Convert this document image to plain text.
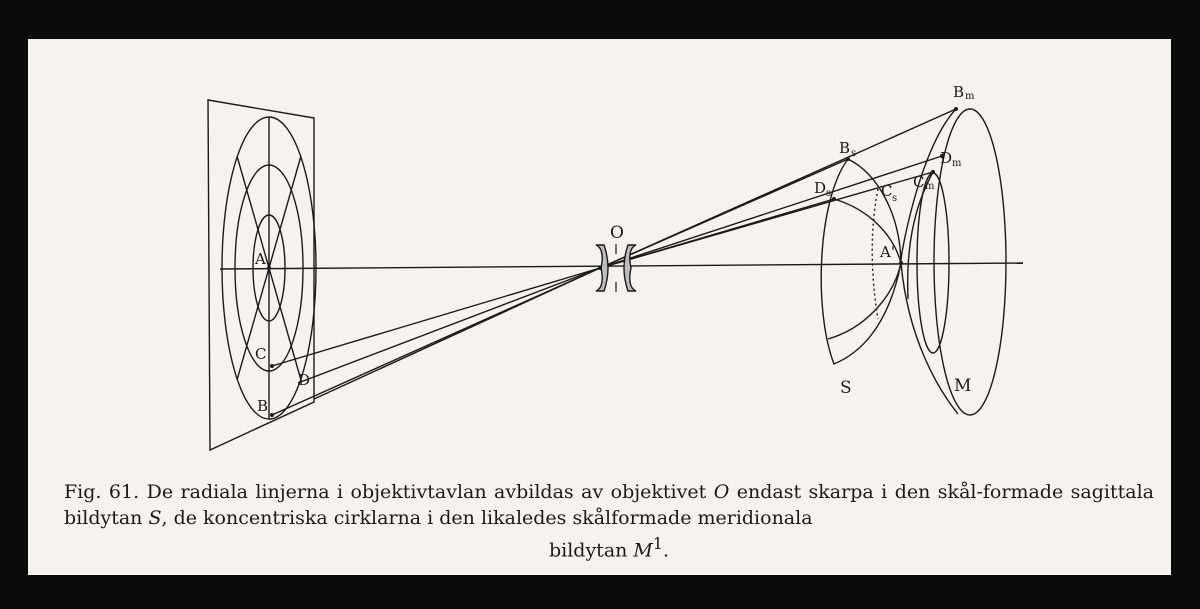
A
C
B
D
O
B s
D s	C s
A'
B m
D m
C m
S	M
Fig. 61. De radiala linjerna i objektivtavlan avbildas av objektivet O endast skarpa i den skål-formade sagittala bildytan S, de koncentriska cirklarna i den likaledes skålformade meridionala
bildytan $M^1$.
